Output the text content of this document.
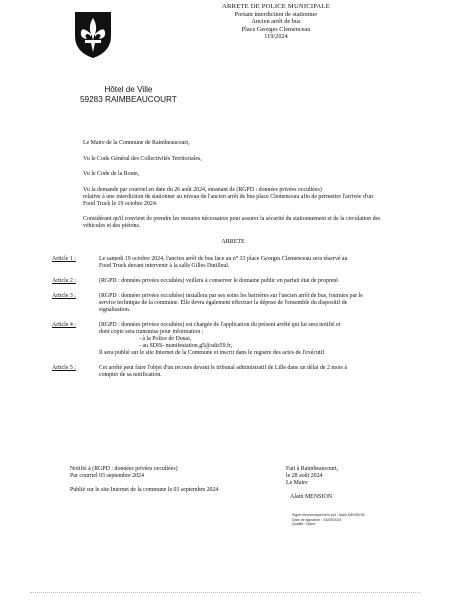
Hôtel de Ville
59283 RAIMBEAUCOURT
ARRETE DE POLICE MUNICIPALE
Portant interdiction de stationner
Ancien arrêt de bus
Place Georges Clemenceau
119/2024

Le Maire de la Commune de Raimbeaucourt,

Vu le Code Général des Collectivités Territoriales,

Vu le Code de la Route,

Vu la demande par courriel en date du 26 août 2024, émanant de (RGPD : données privées occultées)
relative à une interdiction de stationner au niveau de l'ancien arrêt de bus place Clemenceau afin de permettre l'arrivée d'un Food Truck le 19 octobre 2024.

Considérant qu'il convient de prendre les mesures nécessaires pour assurer la sécurité du stationnement et de la circulation des véhicules et des piétons.

ARRETE
Article 1 :	Le samedi 19 octobre 2024, l'ancien arrêt de bus face au n° 33 place Georges Clemenceau sera réservé au
Food Truck devant intervenir à la salle Gilles Dutilleul.
Article 2 :	(RGPD : données privées occultées) veillera à conserver le domaine public en parfait état de propreté.
Article 3 :	(RGPD : données privées occultées) installera par ses soins les barrières sur l'ancien arrêt de bus, fournies par le
service technique de la commune. Elle devra également effectuer la dépose de l'ensemble du dispositif de
signalisation.
Article 4 :	(RGPD : données privées occultées) est chargée de l'application du présent arrêté qui lui sera notifié et
dont copie sera transmise pour information :
- à la Police de Douai,
- au SDIS- manifestation.g5@sdis59.fr,
Il sera publié sur le site Internet de la Commune et inscrit dans le registre des actes de l'exécutif.
Article 5 :	Cet arrêté peut faire l'objet d'un recours devant le tribunal administratif de Lille dans un délai de 2 mois à
compter de sa notification.
Notifié à (RGPD : données privées occultées)
Par courriel 03 septembre 2024
Publié sur le site Internet de la commune le 03 septembre 2024
Fait à Raimbeaucourt,
le 28 août 2024
Le Maire
Alain MENSION
Signé électroniquement par : Alain MENSION
Date de signature : 03/09/2024
Qualité : Maire
